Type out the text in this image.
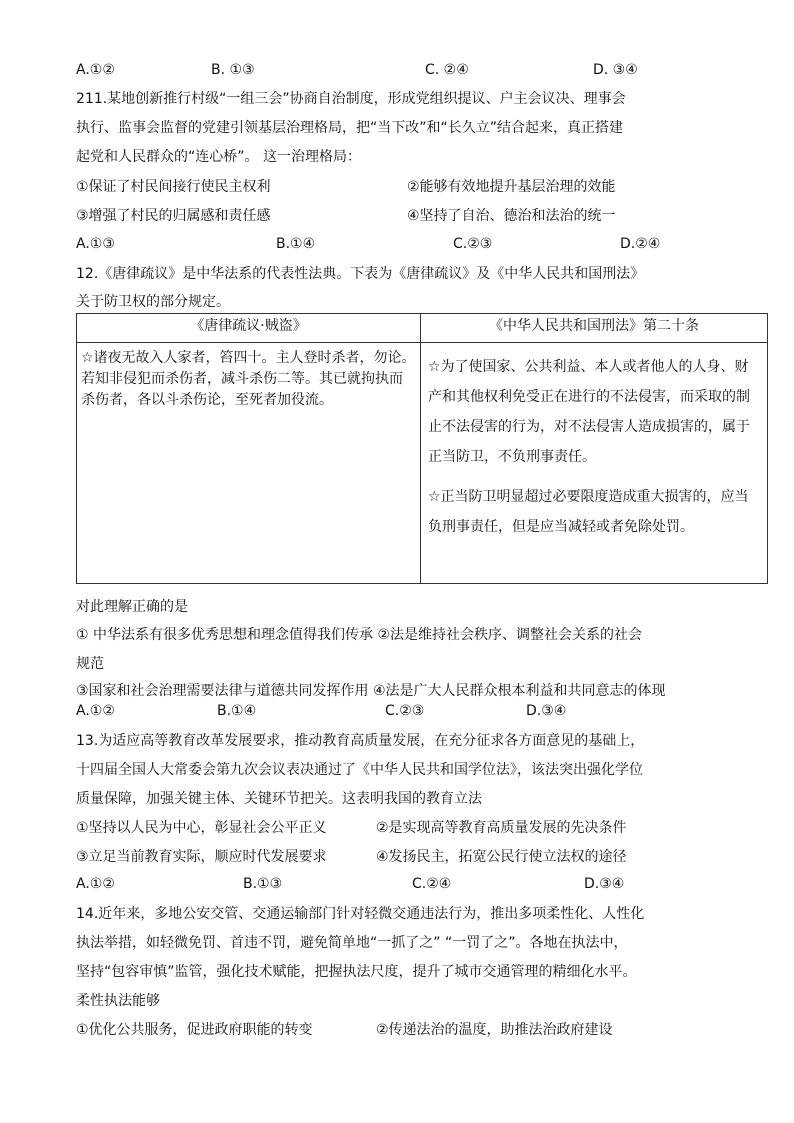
A.①②	B. ①③	C. ②④	D. ③④
211.某地创新推行村级“一组三会”协商自治制度，形成党组织提议、户主会议决、理事会
执行、监事会监督的党建引领基层治理格局，把“当下改”和“长久立”结合起来，真正搭建
起党和人民群众的“连心桥”。 这一治理格局：
①保证了村民间接行使民主权利	②能够有效地提升基层治理的效能
③增强了村民的归属感和责任感	④坚持了自治、德治和法治的统一
A.①③	B.①④	C.②③	D.②④
12.《唐律疏议》是中华法系的代表性法典。下表为《唐律疏议》及《中华人民共和国刑法》
关于防卫权的部分规定。
《唐律疏议·贼盗》	《中华人民共和国刑法》第二十条

☆诸夜无故入人家者，笞四十。主人登时杀者，勿论。若知非侵犯而杀伤者，减斗杀伤二等。其已就拘执而杀伤者，各以斗杀伤论，至死者加役流。	☆为了使国家、公共利益、本人或者他人的人身、财产和其他权利免受正在进行的不法侵害，而采取的制止不法侵害的行为，对不法侵害人造成损害的，属于正当防卫，不负刑事责任。

☆正当防卫明显超过必要限度造成重大损害的，应当负刑事责任，但是应当减轻或者免除处罚。

对此理解正确的是
① 中华法系有很多优秀思想和理念值得我们传承 ②法是维持社会秩序、调整社会关系的社会
规范
③国家和社会治理需要法律与道德共同发挥作用 ④法是广大人民群众根本利益和共同意志的体现
A.①②	B.①④	C.②③	D.③④
13.为适应高等教育改革发展要求，推动教育高质量发展，在充分征求各方面意见的基础上，
十四届全国人大常委会第九次会议表决通过了《中华人民共和国学位法》，该法突出强化学位
质量保障，加强关键主体、关键环节把关。这表明我国的教育立法
①坚持以人民为中心，彰显社会公平正义	②是实现高等教育高质量发展的先决条件
③立足当前教育实际，顺应时代发展要求	④发扬民主，拓宽公民行使立法权的途径
A.①②	B.①③	C.②④	D.③④
14.近年来，多地公安交管、交通运输部门针对轻微交通违法行为，推出多项柔性化、人性化
执法举措，如轻微免罚、首违不罚，避免简单地“一抓了之” “一罚了之”。各地在执法中，
坚持“包容审慎”监管，强化技术赋能，把握执法尺度，提升了城市交通管理的精细化水平。
柔性执法能够
①优化公共服务，促进政府职能的转变	②传递法治的温度，助推法治政府建设
